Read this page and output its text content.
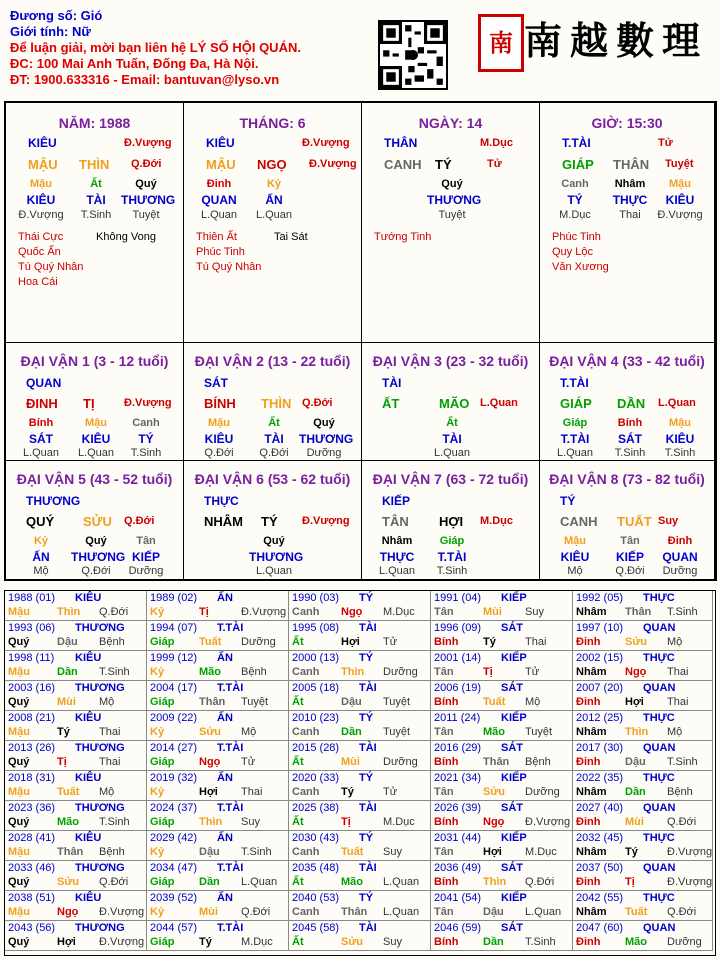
Đương số: Gió
Giới tính: Nữ
Để luận giải, mời bạn liên hệ LÝ SỐ HỘI QUÁN.
ĐC: 100 Mai Anh Tuấn, Đống Đa, Hà Nội.
ĐT: 1900.633316 - Email: bantuvan@lyso.vn
南 南越數理
NĂM: 1988
KIÊU	Đ.Vượng
MẬU THÌN Q.Đới
Mậu	Ất	Quý
KIÊU	TÀI	THƯƠNG
Đ.Vượng	T.Sinh	Tuyệt
Thái Cực
Quốc Ấn
Tú Quý Nhân
Hoa Cái
Không Vong
THÁNG: 6
KIÊU	Đ.Vượng
MẬU NGỌ Đ.Vượng
Đinh	Kỷ
QUAN	ẤN
L.Quan	L.Quan
Thiên Ất
Phúc Tinh
Tú Quý Nhân
Tai Sát
NGÀY: 14
THÂN	M.Dục
CANH TÝ	Tử
Quý
THƯƠNG
Tuyệt
Tướng Tinh
GIỜ: 15:30
T.TÀI	Tử
GIÁP THÂN Tuyệt
Canh	Nhâm	Mậu
TÝ	THỰC	KIÊU
M.Dục	Thai	Đ.Vượng
Phúc Tinh
Quy Lộc
Văn Xương
ĐẠI VẬN 1 (3 - 12 tuổi)
QUAN
ĐINH TỊ	Đ.Vượng
Bính	Mậu	Canh
SÁT	KIÊU	TÝ
L.Quan	L.Quan	T.Sinh
ĐẠI VẬN 2 (13 - 22 tuổi)
SÁT
BÍNH THÌN Q.Đới
Mậu	Ất	Quý
KIÊU	TÀI	THƯƠNG
Q.Đới	Q.Đới	Dưỡng
ĐẠI VẬN 3 (23 - 32 tuổi)
TÀI
ẤT	MÃO L.Quan
Ất
TÀI
L.Quan
ĐẠI VẬN 4 (33 - 42 tuổi)
T.TÀI
GIÁP DẦN L.Quan
Giáp	Bính	Mậu
T.TÀI	SÁT	KIÊU
L.Quan	T.Sinh	T.Sinh
ĐẠI VẬN 5 (43 - 52 tuổi)
THƯƠNG
QUÝ SỬU Q.Đới
Kỷ	Quý	Tân
ẤN	THƯƠNG KIẾP
Mộ	Q.Đới	Dưỡng
ĐẠI VẬN 6 (53 - 62 tuổi)
THỰC
NHÂM TÝ Đ.Vượng
Quý
THƯƠNG
L.Quan
ĐẠI VẬN 7 (63 - 72 tuổi)
KIẾP
TÂN HỢI M.Dục
Nhâm	Giáp
THỰC	T.TÀI
L.Quan	T.Sinh
ĐẠI VẬN 8 (73 - 82 tuổi)
TÝ
CANH TUẤT Suy
Mậu	Tân	Đinh
KIÊU	KIẾP	QUAN
Mộ	Q.Đới	Dưỡng
1988 (01) KIÊU
Mậu Thìn Q.Đới
1989 (02) ẤN
Kỷ	Tị	Đ.Vượng
1990 (03) TÝ
Canh Ngọ M.Dục
1991 (04) KIẾP
Tân	Mùi Suy
1992 (05) THỰC
Nhâm Thân T.Sinh
1993 (06) THƯƠNG
Quý	Dậu Bệnh
1994 (07) T.TÀI
Giáp Tuất Dưỡng
1995 (08) TÀI
Ất	Hợi Tử
1996 (09) SÁT
Bính Tý	Thai
1997 (10) QUAN
Đinh Sửu Mộ
1998 (11) KIÊU
Mậu Dần T.Sinh
1999 (12) ẤN
Kỷ	Mão Bệnh
2000 (13) TÝ
Canh Thìn Dưỡng
2001 (14) KIẾP
Tân	Tị	Tử
2002 (15) THỰC
Nhâm Ngọ Thai
2003 (16) THƯƠNG
Quý	Mùi Mộ
2004 (17) T.TÀI
Giáp Thân Tuyệt
2005 (18) TÀI
Ất	Dậu Tuyệt
2006 (19) SÁT
Bính Tuất Mộ
2007 (20) QUAN
Đinh Hợi Thai
2008 (21) KIÊU
Mậu Tý	Thai
2009 (22) ẤN
Kỷ	Sửu Mộ
2010 (23) TÝ
Canh Dần Tuyệt
2011 (24) KIẾP
Tân	Mão Tuyệt
2012 (25) THỰC
Nhâm Thìn Mộ
2013 (26) THƯƠNG
Quý	Tị	Thai
2014 (27) T.TÀI
Giáp Ngọ Tử
2015 (28) TÀI
Ất	Mùi Dưỡng
2016 (29) SÁT
Bính Thân Bệnh
2017 (30) QUAN
Đinh Dậu T.Sinh
2018 (31) KIÊU
Mậu Tuất Mộ
2019 (32) ẤN
Kỷ	Hợi Thai
2020 (33) TÝ
Canh Tý	Tử
2021 (34) KIẾP
Tân	Sửu Dưỡng
2022 (35) THỰC
Nhâm Dần Bệnh
2023 (36) THƯƠNG
Quý	Mão T.Sinh
2024 (37) T.TÀI
Giáp Thìn Suy
2025 (38) TÀI
Ất	Tị	M.Dục
2026 (39) SÁT
Bính Ngọ Đ.Vượng
2027 (40) QUAN
Đinh Mùi Q.Đới
2028 (41) KIÊU
Mậu Thân Bệnh
2029 (42) ẤN
Kỷ	Dậu T.Sinh
2030 (43) TÝ
Canh Tuất Suy
2031 (44) KIẾP
Tân	Hợi M.Dục
2032 (45) THỰC
Nhâm Tý	Đ.Vượng
2033 (46) THƯƠNG
Quý	Sửu Q.Đới
2034 (47) T.TÀI
Giáp Dần L.Quan
2035 (48) TÀI
Ất	Mão L.Quan
2036 (49) SÁT
Bính Thìn Q.Đới
2037 (50) QUAN
Đinh Tị	Đ.Vượng
2038 (51) KIÊU
Mậu Ngọ Đ.Vượng
2039 (52) ẤN
Kỷ	Mùi Q.Đới
2040 (53) TÝ
Canh Thân L.Quan
2041 (54) KIẾP
Tân	Dậu L.Quan
2042 (55) THỰC
Nhâm Tuất Q.Đới
2043 (56) THƯƠNG
Quý	Hợi Đ.Vượng
2044 (57) T.TÀI
Giáp Tý	M.Dục
2045 (58) TÀI
Ất	Sửu Suy
2046 (59) SÁT
Bính Dần T.Sinh
2047 (60) QUAN
Đinh Mão Dưỡng
